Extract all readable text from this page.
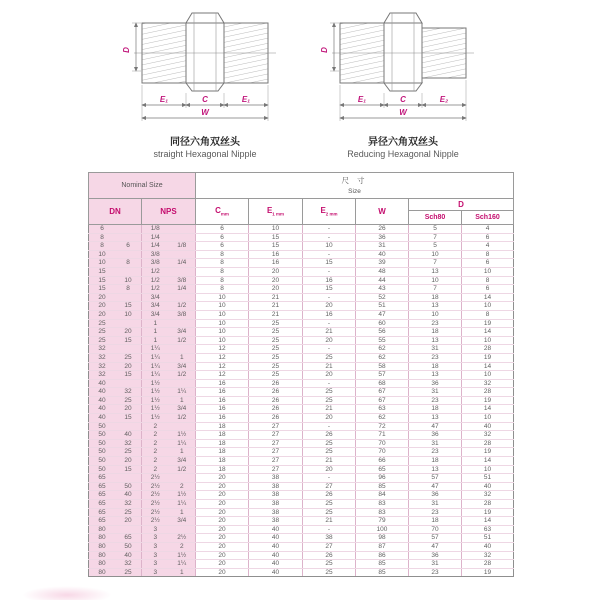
D
E₁	C	E₁
W
同径六角双丝头
straight Hexagonal Nipple
D
E₁	C	E₂
W
异径六角双丝头
Reducing Hexagonal Nipple
Nominal Size		尺 寸
Size					

DN	NPS	$C_{mm}$	$E_{1 mm}$	$E_{2 mm}$	W	D	
						Sch80	Sch160
6	1/8	6	10	-	26	5	4
8	1/4	6	15	-	36	7	6
8 6	1/4 1/8	6	15	10	31	5	4
10	3/8	8	16	-	40	10	8
10 8	3/8 1/4	8	16	15	39	7	6
15	1/2	8	20	-	48	13	10
15 10	1/2 3/8	8	20	16	44	10	8
15 8	1/2 1/4	8	20	15	43	7	6
20	3/4	10	21	-	52	18	14
20 15	3/4 1/2	10	21	20	51	13	10
20 10	3/4 3/8	10	21	16	47	10	8
25	1	10	25	-	60	23	19
25 20	1 3/4	10	25	21	56	18	14
25 15	1 1/2	10	25	20	55	13	10
32	1¼	12	25	-	62	31	28
32 25	1¼ 1	12	25	25	62	23	19
32 20	1¼ 3/4	12	25	21	58	18	14
32 15	1¼ 1/2	12	25	20	57	13	10
40	1½	16	26	-	68	36	32
40 32	1½ 1¼	16	26	25	67	31	28
40 25	1½ 1	16	26	25	67	23	19
40 20	1½ 3/4	16	26	21	63	18	14
40 15	1½ 1/2	16	26	20	62	13	10
50	2	18	27	-	72	47	40
50 40	2 1½	18	27	26	71	36	32
50 32	2 1¼	18	27	25	70	31	28
50 25	2 1	18	27	25	70	23	19
50 20	2 3/4	18	27	21	66	18	14
50 15	2 1/2	18	27	20	65	13	10
65	2½	20	38	-	96	57	51
65 50	2½ 2	20	38	27	85	47	40
65 40	2½ 1½	20	38	26	84	36	32
65 32	2½ 1¼	20	38	25	83	31	28
65 25	2½ 1	20	38	25	83	23	19
65 20	2½ 3/4	20	38	21	79	18	14
80	3	20	40	-	100	70	63
80 65	3 2½	20	40	38	98	57	51
80 50	3 2	20	40	27	87	47	40
80 40	3 1½	20	40	26	86	36	32
80 32	3 1¼	20	40	25	85	31	28
80 25	3 1	20	40	25	85	23	19
